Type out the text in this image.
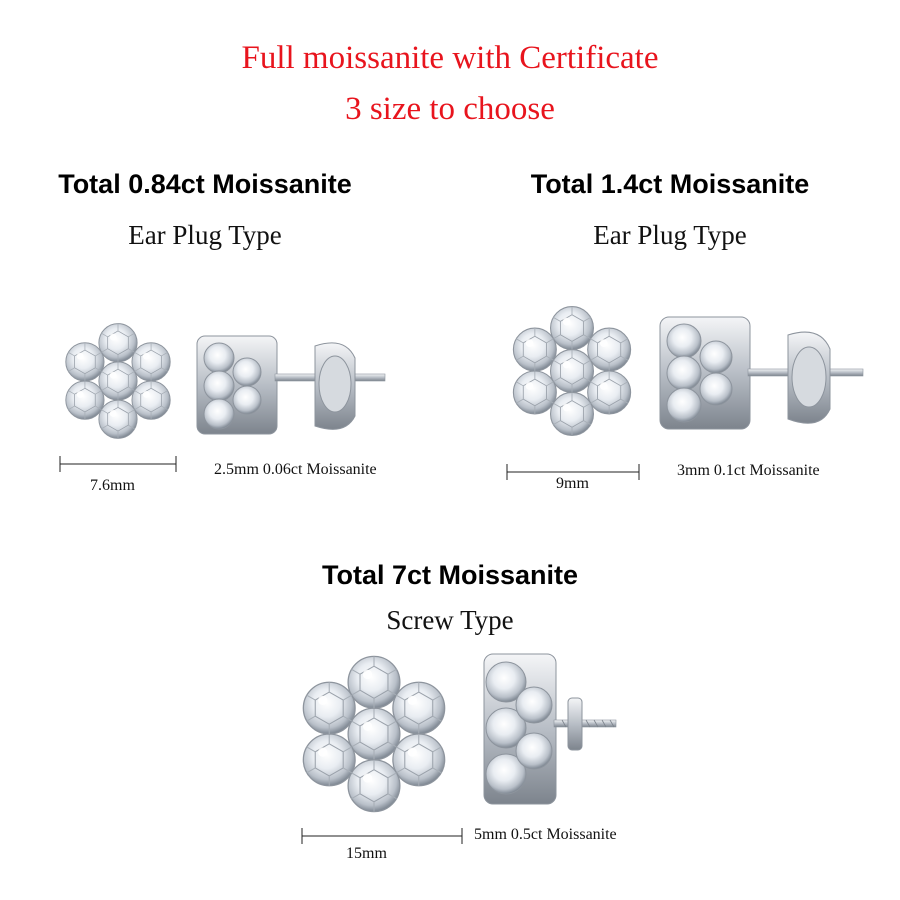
Full moissanite with Certificate
3 size to choose
Total 0.84ct Moissanite
Ear Plug Type
7.6mm
2.5mm 0.06ct Moissanite
Total 1.4ct Moissanite
Ear Plug Type
9mm
3mm 0.1ct Moissanite
Total 7ct Moissanite
Screw Type
15mm
5mm 0.5ct Moissanite
